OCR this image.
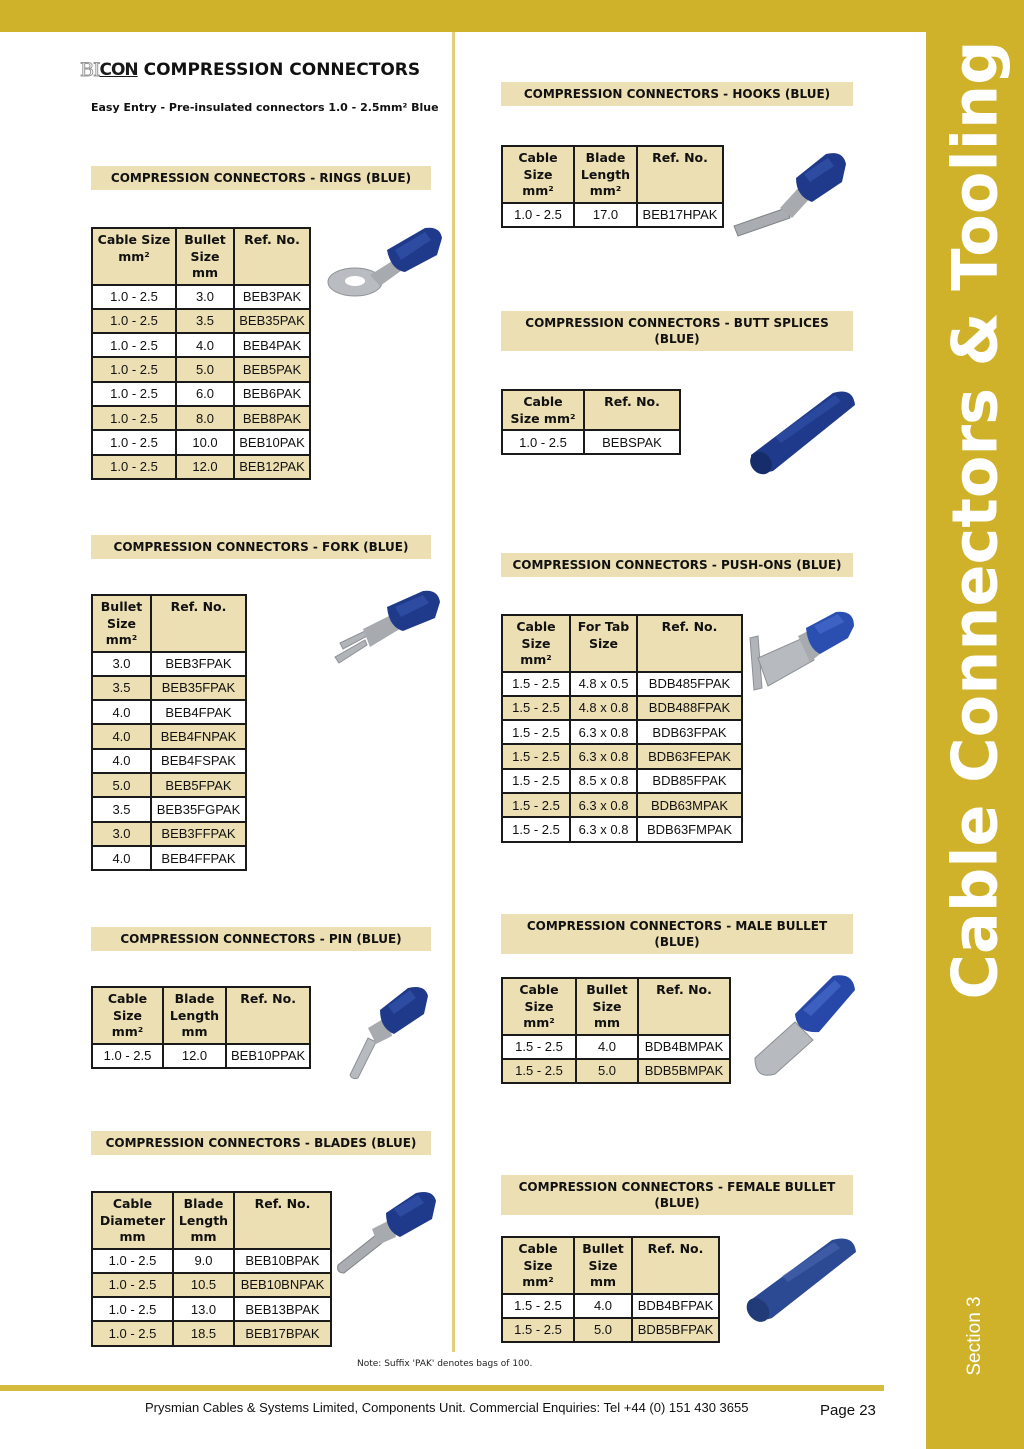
Cable Connectors & Tooling
Section 3
BI CON COMPRESSION CONNECTORS
Easy Entry - Pre-insulated connectors 1.0 - 2.5mm² Blue
COMPRESSION CONNECTORS - RINGS (BLUE)
Cable Size mm²	Bullet Size mm	Ref. No.
1.0 - 2.5	3.0	BEB3PAK
1.0 - 2.5	3.5	BEB35PAK
1.0 - 2.5	4.0	BEB4PAK
1.0 - 2.5	5.0	BEB5PAK
1.0 - 2.5	6.0	BEB6PAK
1.0 - 2.5	8.0	BEB8PAK
1.0 - 2.5	10.0	BEB10PAK
1.0 - 2.5	12.0	BEB12PAK
COMPRESSION CONNECTORS - FORK (BLUE)
Bullet Size mm²	Ref. No.
3.0	BEB3FPAK
3.5	BEB35FPAK
4.0	BEB4FPAK
4.0	BEB4FNPAK
4.0	BEB4FSPAK
5.0	BEB5FPAK
3.5	BEB35FGPAK
3.0	BEB3FFPAK
4.0	BEB4FFPAK
COMPRESSION CONNECTORS - PIN (BLUE)
Cable Size mm²	Blade Length mm	Ref. No.
1.0 - 2.5	12.0	BEB10PPAK
COMPRESSION CONNECTORS - BLADES (BLUE)
Cable Diameter mm	Blade Length mm	Ref. No.
1.0 - 2.5	9.0	BEB10BPAK
1.0 - 2.5	10.5	BEB10BNPAK
1.0 - 2.5	13.0	BEB13BPAK
1.0 - 2.5	18.5	BEB17BPAK
COMPRESSION CONNECTORS - HOOKS (BLUE)
Cable Size mm²	Blade Length mm²	Ref. No.
1.0 - 2.5	17.0	BEB17HPAK
COMPRESSION CONNECTORS - BUTT SPLICES (BLUE)
Cable Size mm²	Ref. No.
1.0 - 2.5	BEBSPAK
COMPRESSION CONNECTORS - PUSH-ONS (BLUE)
Cable Size mm²	For Tab Size	Ref. No.
1.5 - 2.5	4.8 x 0.5	BDB485FPAK
1.5 - 2.5	4.8 x 0.8	BDB488FPAK
1.5 - 2.5	6.3 x 0.8	BDB63FPAK
1.5 - 2.5	6.3 x 0.8	BDB63FEPAK
1.5 - 2.5	8.5 x 0.8	BDB85FPAK
1.5 - 2.5	6.3 x 0.8	BDB63MPAK
1.5 - 2.5	6.3 x 0.8	BDB63FMPAK
COMPRESSION CONNECTORS - MALE BULLET (BLUE)
Cable Size mm²	Bullet Size mm	Ref. No.
1.5 - 2.5	4.0	BDB4BMPAK
1.5 - 2.5	5.0	BDB5BMPAK
COMPRESSION CONNECTORS - FEMALE BULLET (BLUE)
Cable Size mm²	Bullet Size mm	Ref. No.
1.5 - 2.5	4.0	BDB4BFPAK
1.5 - 2.5	5.0	BDB5BFPAK
Note: Suffix 'PAK' denotes bags of 100.
Prysmian Cables & Systems Limited, Components Unit. Commercial Enquiries: Tel +44 (0) 151 430 3655	Page 23
